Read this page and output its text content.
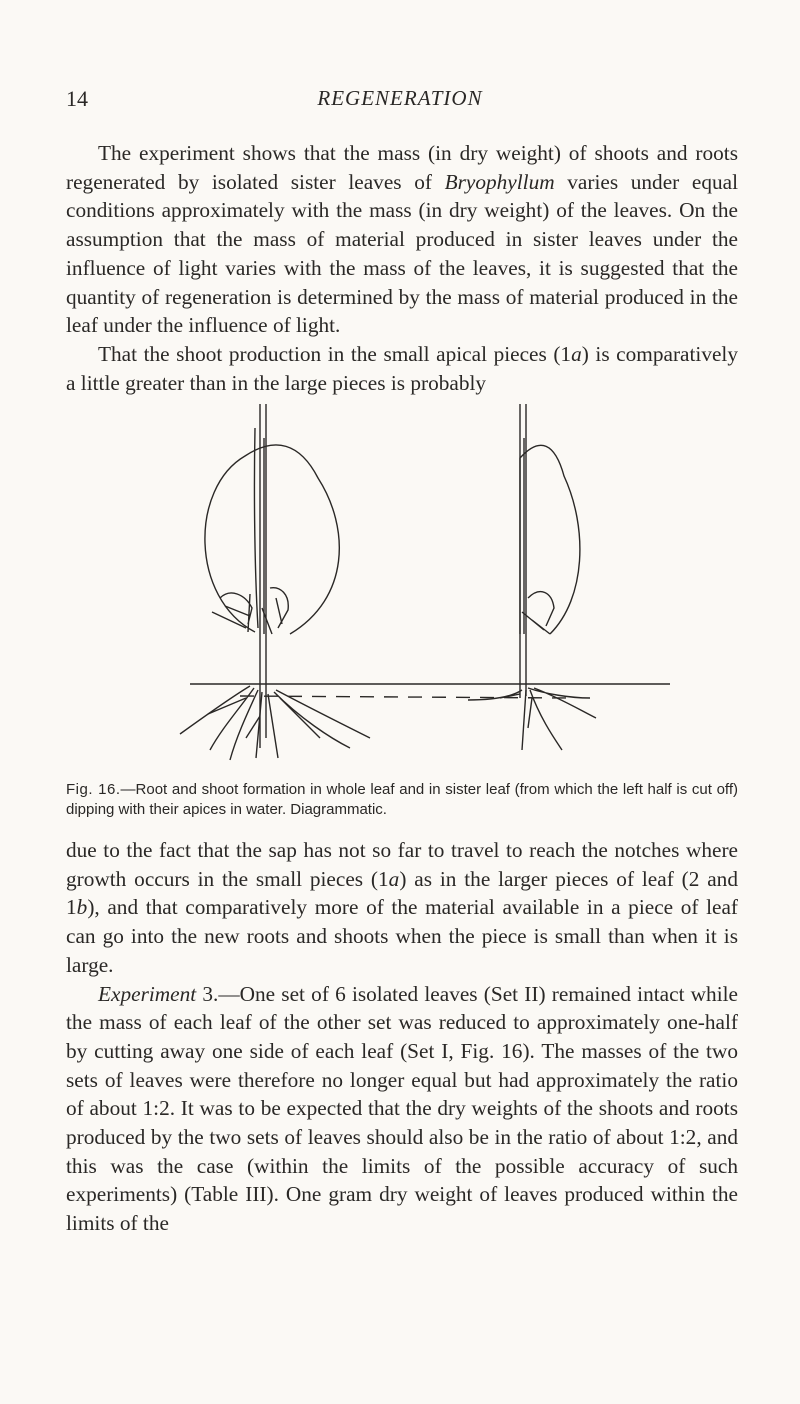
14	REGENERATION

The experiment shows that the mass (in dry weight) of shoots and roots regenerated by isolated sister leaves of Bryophyllum varies under equal conditions approximately with the mass (in dry weight) of the leaves. On the assumption that the mass of material produced in sister leaves under the influence of light varies with the mass of the leaves, it is suggested that the quantity of regeneration is determined by the mass of material produced in the leaf under the influence of light.

That the shoot production in the small apical pieces (1a) is comparatively a little greater than in the large pieces is probably

Fig. 16.—Root and shoot formation in whole leaf and in sister leaf (from which the left half is cut off) dipping with their apices in water. Diagrammatic.

due to the fact that the sap has not so far to travel to reach the notches where growth occurs in the small pieces (1a) as in the larger pieces of leaf (2 and 1b), and that comparatively more of the material available in a piece of leaf can go into the new roots and shoots when the piece is small than when it is large.

Experiment 3.—One set of 6 isolated leaves (Set II) remained intact while the mass of each leaf of the other set was reduced to approximately one-half by cutting away one side of each leaf (Set I, Fig. 16). The masses of the two sets of leaves were therefore no longer equal but had approximately the ratio of about 1:2. It was to be expected that the dry weights of the shoots and roots produced by the two sets of leaves should also be in the ratio of about 1:2, and this was the case (within the limits of the possible accuracy of such experiments) (Table III). One gram dry weight of leaves produced within the limits of the
